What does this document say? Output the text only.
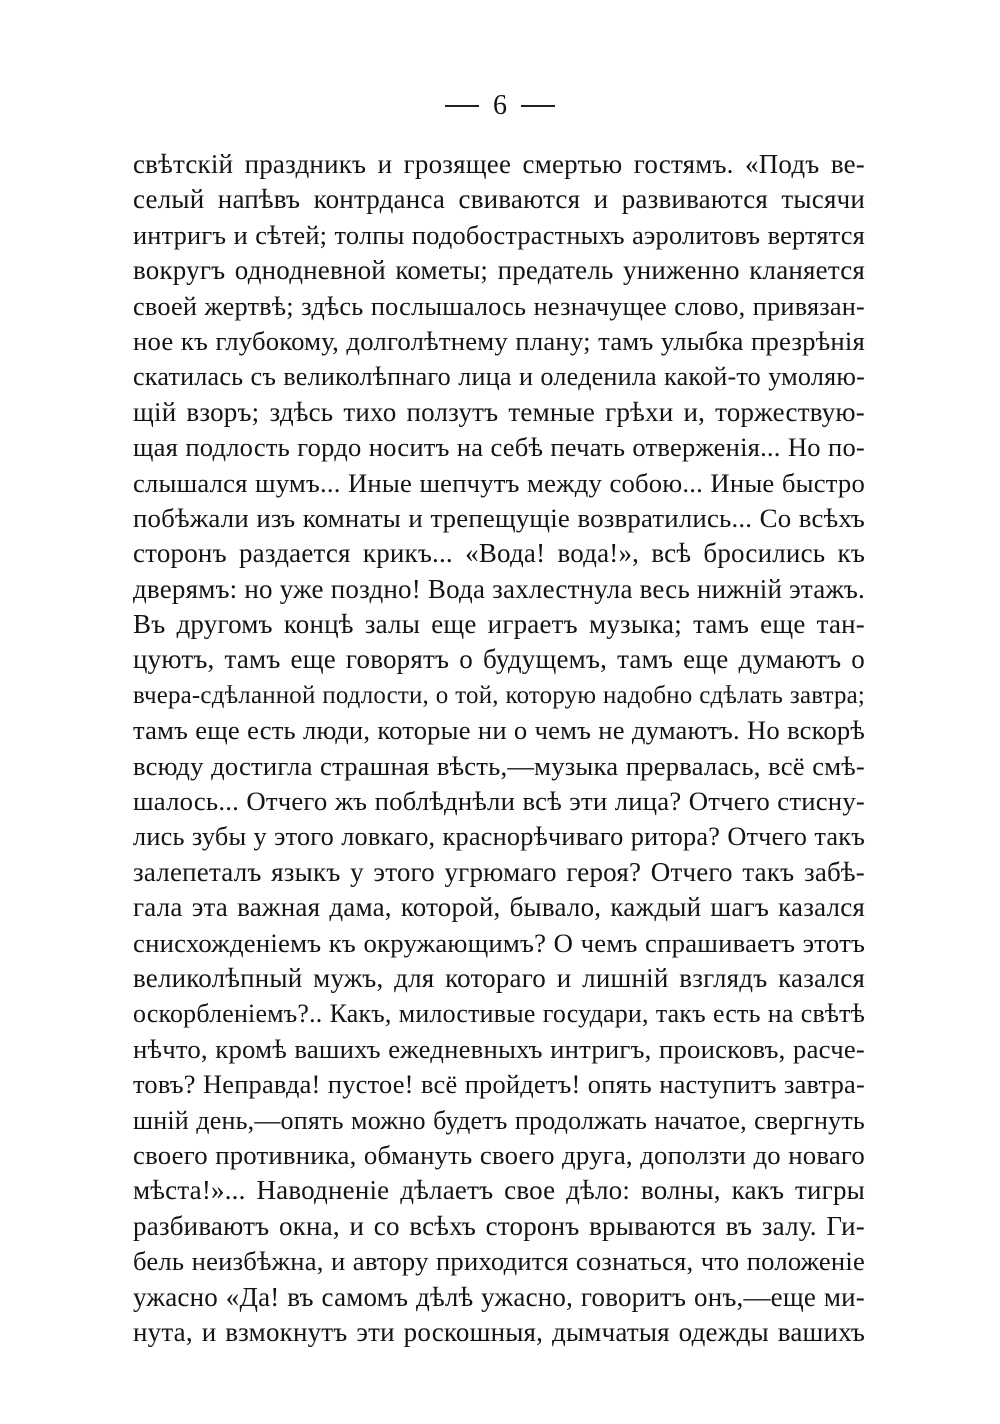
6
свѣтскій праздникъ и грозящее смертью гостямъ. «Подъ ве-
селый напѣвъ контрданса свиваются и развиваются тысячи
интригъ и сѣтей; толпы подобострастныхъ аэролитовъ вертятся
вокругъ однодневной кометы; предатель униженно кланяется
своей жертвѣ; здѣсь послышалось незначущее слово, привязан-
ное къ глубокому, долголѣтнему плану; тамъ улыбка презрѣнія
скатилась съ великолѣпнаго лица и оледенила какой-то умоляю-
щій взоръ; здѣсь тихо ползутъ темные грѣхи и, торжествую-
щая подлость гордо носитъ на себѣ печать отверженія... Но по-
слышался шумъ... Иные шепчутъ между собою... Иные быстро
побѣжали изъ комнаты и трепещущіе возвратились... Со всѣхъ
сторонъ раздается крикъ... «Вода! вода!», всѣ бросились къ
дверямъ: но уже поздно! Вода захлестнула весь нижній этажъ.
Въ другомъ концѣ залы еще играетъ музыка; тамъ еще тан-
цуютъ, тамъ еще говорятъ о будущемъ, тамъ еще думаютъ о
вчера-сдѣланной подлости, о той, которую надобно сдѣлать завтра;
тамъ еще есть люди, которые ни о чемъ не думаютъ. Но вскорѣ
всюду достигла страшная вѣсть,—музыка прервалась, всё смѣ-
шалось... Отчего жъ поблѣднѣли всѣ эти лица? Отчего стисну-
лись зубы у этого ловкаго, краснорѣчиваго ритора? Отчего такъ
залепеталъ языкъ у этого угрюмаго героя? Отчего такъ забѣ-
гала эта важная дама, которой, бывало, каждый шагъ казался
снисхожденіемъ къ окружающимъ? О чемъ спрашиваетъ этотъ
великолѣпный мужъ, для котораго и лишній взглядъ казался
оскорбленіемъ?.. Какъ, милостивые государи, такъ есть на свѣтѣ
нѣчто, кромѣ вашихъ ежедневныхъ интригъ, происковъ, расче-
товъ? Неправда! пустое! всё пройдетъ! опять наступитъ завтра-
шній день,—опять можно будетъ продолжать начатое, свергнуть
своего противника, обмануть своего друга, доползти до новаго
мѣста!»... Наводненіе дѣлаетъ свое дѣло: волны, какъ тигры
разбиваютъ окна, и со всѣхъ сторонъ врываются въ залу. Ги-
бель неизбѣжна, и автору приходится сознаться, что положеніе
ужасно «Да! въ самомъ дѣлѣ ужасно, говоритъ онъ,—еще ми-
нута, и взмокнутъ эти роскошныя, дымчатыя одежды вашихъ
